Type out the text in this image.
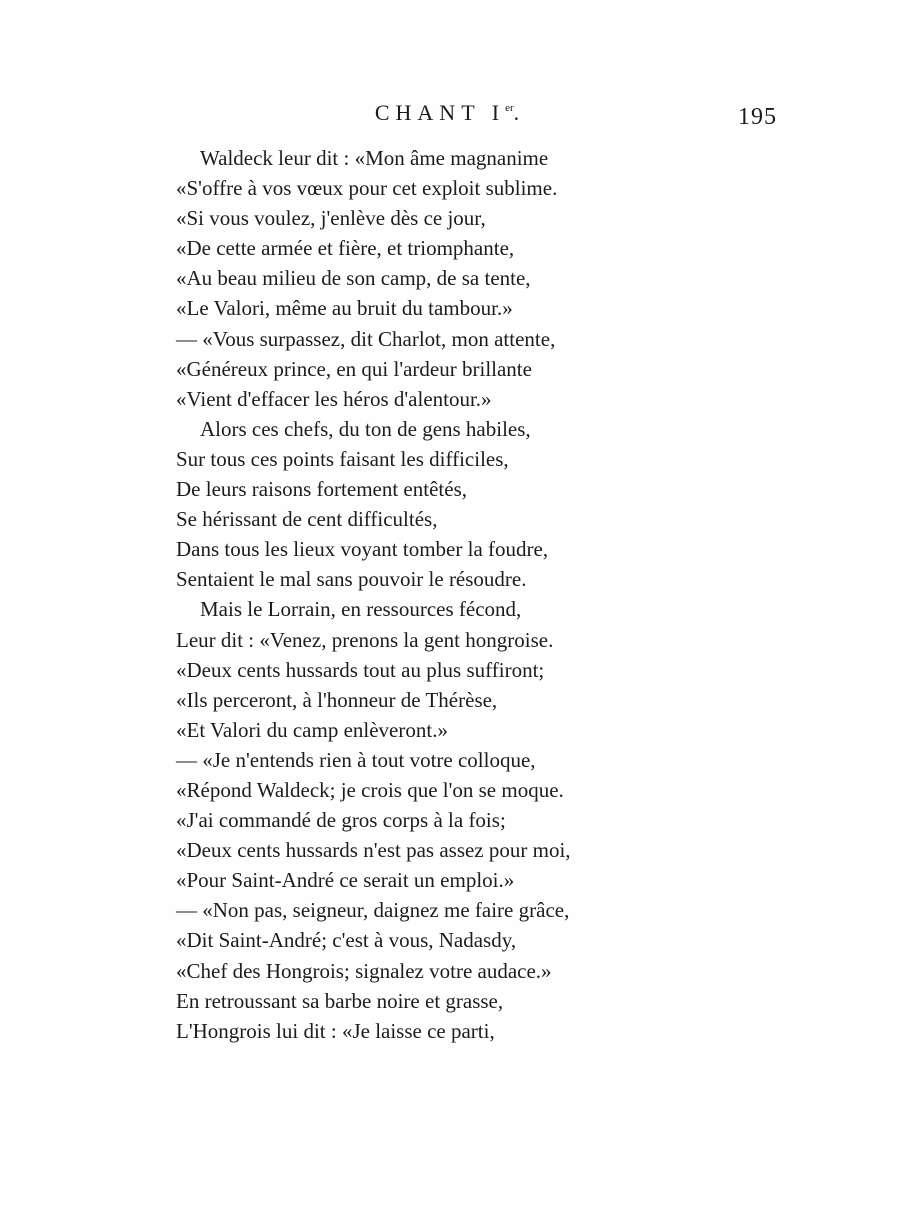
CHANT Ier.	195
Waldeck leur dit : «Mon âme magnanime
«S'offre à vos vœux pour cet exploit sublime.
«Si vous voulez, j'enlève dès ce jour,
«De cette armée et fière, et triomphante,
«Au beau milieu de son camp, de sa tente,
«Le Valori, même au bruit du tambour.»
— «Vous surpassez, dit Charlot, mon attente,
«Généreux prince, en qui l'ardeur brillante
«Vient d'effacer les héros d'alentour.»
Alors ces chefs, du ton de gens habiles,
Sur tous ces points faisant les difficiles,
De leurs raisons fortement entêtés,
Se hérissant de cent difficultés,
Dans tous les lieux voyant tomber la foudre,
Sentaient le mal sans pouvoir le résoudre.
Mais le Lorrain, en ressources fécond,
Leur dit : «Venez, prenons la gent hongroise.
«Deux cents hussards tout au plus suffiront;
«Ils perceront, à l'honneur de Thérèse,
«Et Valori du camp enlèveront.»
— «Je n'entends rien à tout votre colloque,
«Répond Waldeck; je crois que l'on se moque.
«J'ai commandé de gros corps à la fois;
«Deux cents hussards n'est pas assez pour moi,
«Pour Saint-André ce serait un emploi.»
— «Non pas, seigneur, daignez me faire grâce,
«Dit Saint-André; c'est à vous, Nadasdy,
«Chef des Hongrois; signalez votre audace.»
En retroussant sa barbe noire et grasse,
L'Hongrois lui dit : «Je laisse ce parti,
